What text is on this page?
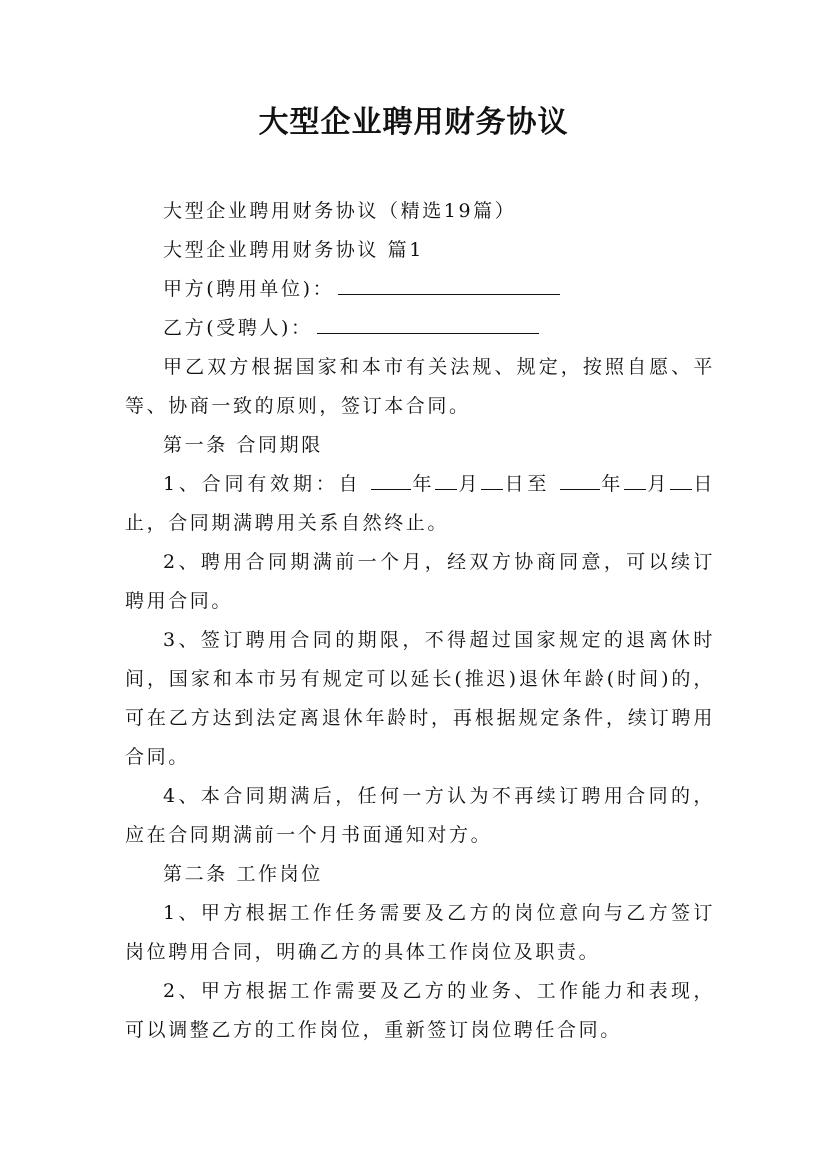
大型企业聘用财务协议

大型企业聘用财务协议（精选19篇）

大型企业聘用财务协议 篇1

甲方(聘用单位)：

乙方(受聘人)：

甲乙双方根据国家和本市有关法规、规定，按照自愿、平等、协商一致的原则，签订本合同。

第一条 合同期限

1、合同有效期：自 年 月 日至 年 月 日止，合同期满聘用关系自然终止。

2、聘用合同期满前一个月，经双方协商同意，可以续订聘用合同。

3、签订聘用合同的期限，不得超过国家规定的退离休时间，国家和本市另有规定可以延长(推迟)退休年龄(时间)的，可在乙方达到法定离退休年龄时，再根据规定条件，续订聘用合同。

4、本合同期满后，任何一方认为不再续订聘用合同的，应在合同期满前一个月书面通知对方。

第二条 工作岗位

1、甲方根据工作任务需要及乙方的岗位意向与乙方签订岗位聘用合同，明确乙方的具体工作岗位及职责。

2、甲方根据工作需要及乙方的业务、工作能力和表现，可以调整乙方的工作岗位，重新签订岗位聘任合同。
